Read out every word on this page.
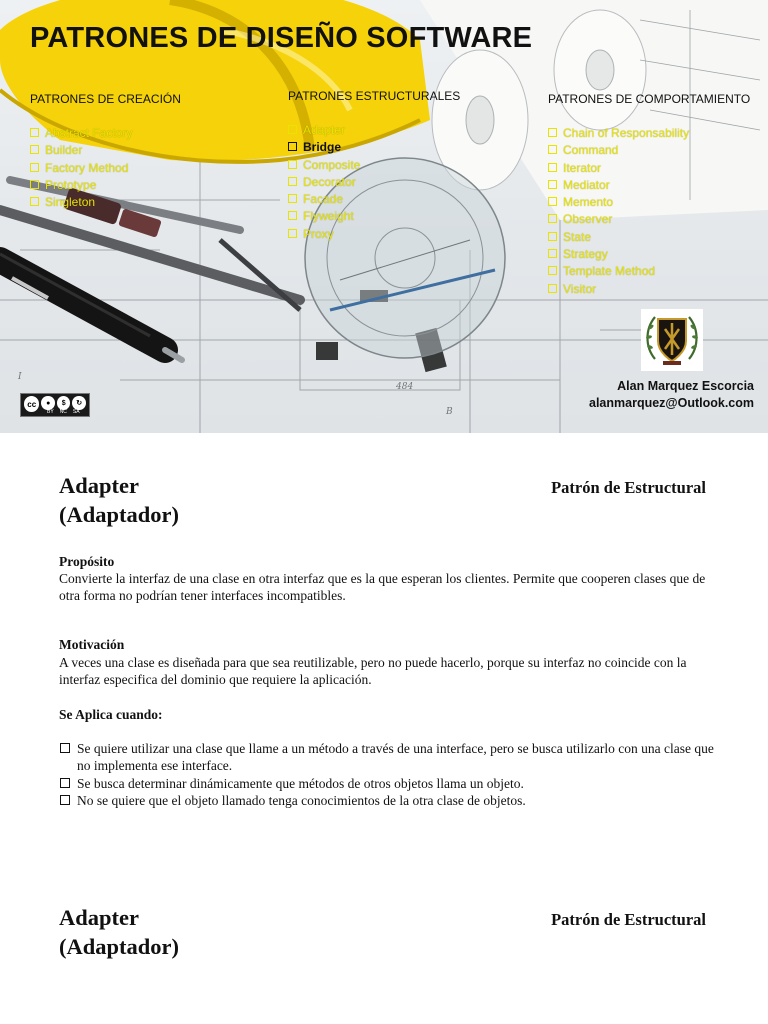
484
B
I
PATRONES DE DISEÑO SOFTWARE
PATRONES DE CREACIÓN
Abstract Factory
Builder
Factory Method
Prototype
Singleton
PATRONES ESTRUCTURALES
Adapter
Bridge
Composite
Decorator
Facade
Flyweight
Proxy
PATRONES DE COMPORTAMIENTO
Chain of Responsability
Command
Iterator
Mediator
Memento
Observer
State
Strategy
Template Method
Visitor
Alan Marquez Escorcia
alanmarquez@Outlook.com
cc	●	$	↻
BY NC SA
Adapter
(Adaptador)
Patrón de Estructural
Propósito
Convierte la interfaz de una clase en otra interfaz que es la que esperan los clientes. Permite que cooperen clases que de otra forma no podrían tener interfaces incompatibles.
Motivación
A veces una clase es diseñada para que sea reutilizable, pero no puede hacerlo, porque su interfaz no coincide con la interfaz especifica del dominio que requiere la aplicación.
Se Aplica cuando:
Se quiere utilizar una clase que llame a un método a través de una interface, pero se busca utilizarlo con una clase que no implementa ese interface.
Se busca determinar dinámicamente que métodos de otros objetos llama un objeto.
No se quiere que el objeto llamado tenga conocimientos de la otra clase de objetos.
Adapter
(Adaptador)
Patrón de Estructural
